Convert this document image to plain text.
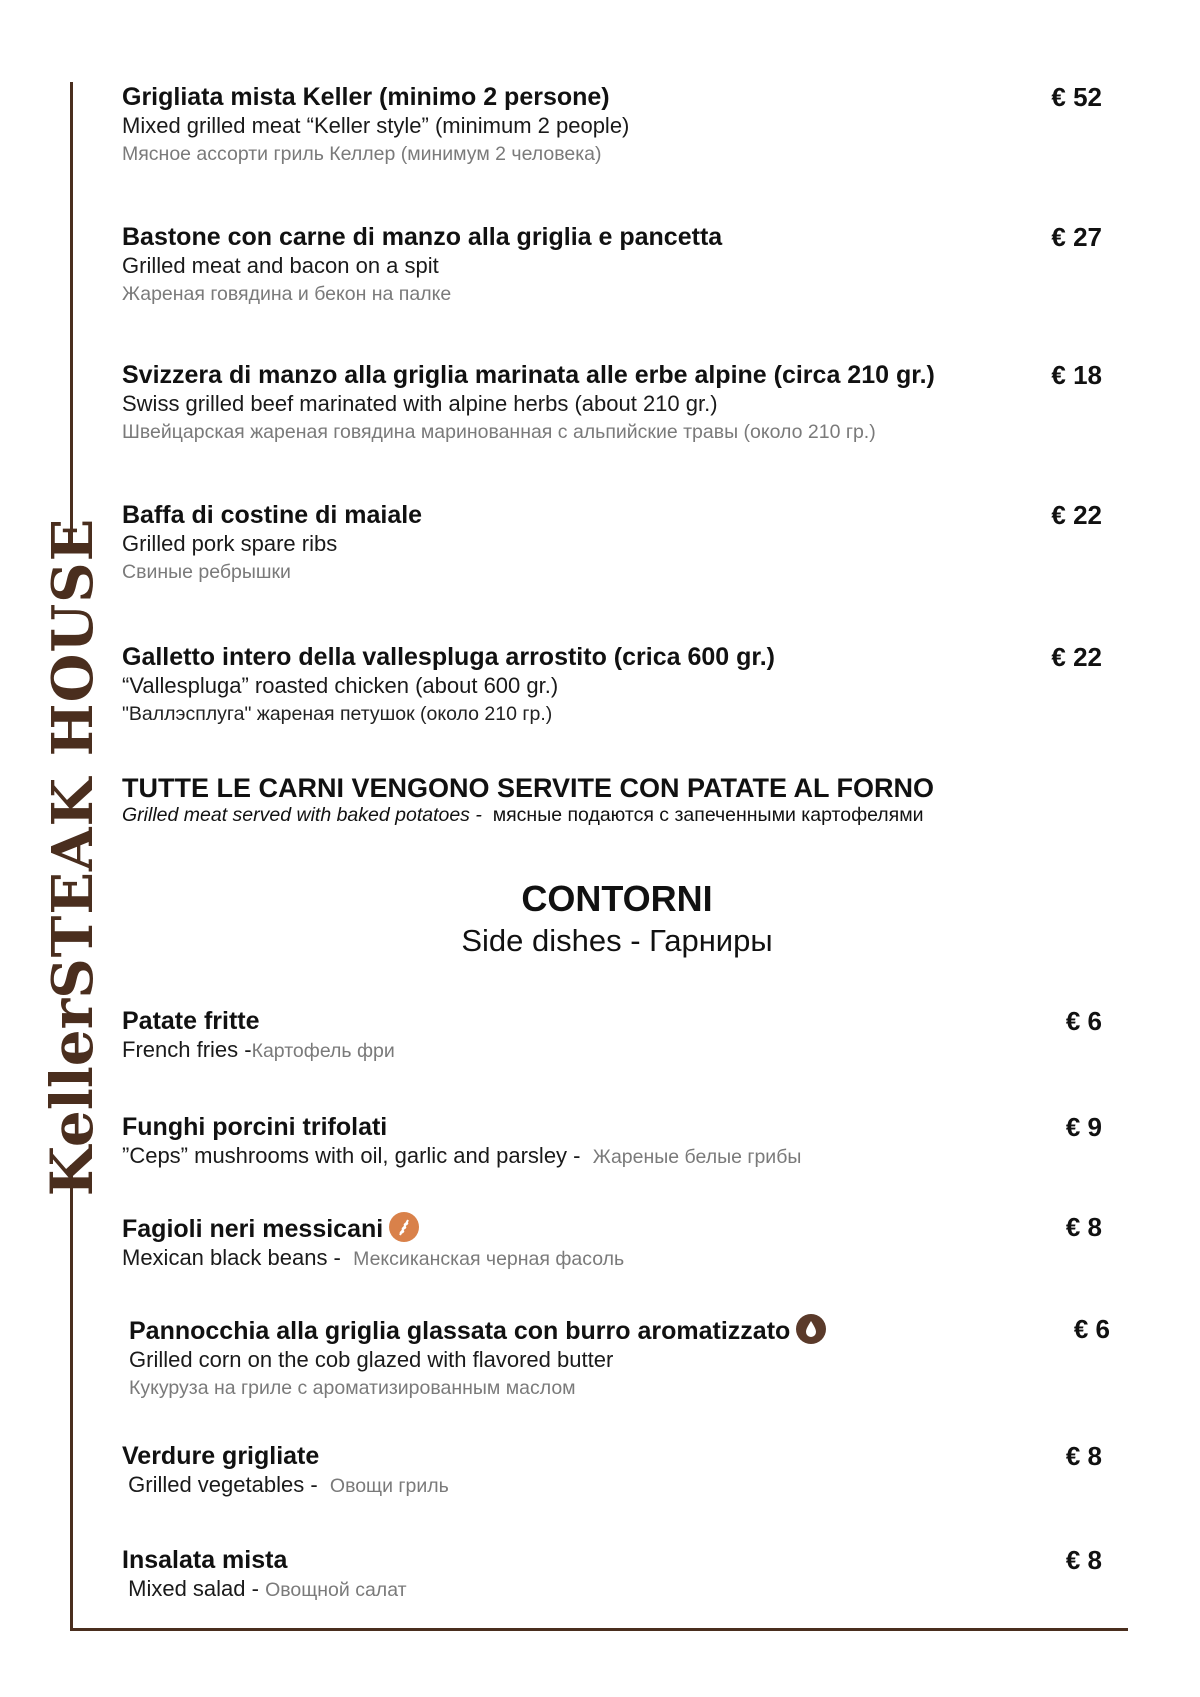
KellerSTEAK HOUSE
Grigliata mista Keller (minimo 2 persone)
Mixed grilled meat “Keller style” (minimum 2 people)
Мясное ассорти гриль Келлер (минимум 2 человека)
€ 52
Bastone con carne di manzo alla griglia e pancetta
Grilled meat and bacon on a spit
Жареная говядина и бекон на палке
€ 27
Svizzera di manzo alla griglia marinata alle erbe alpine (circa 210 gr.)
Swiss grilled beef marinated with alpine herbs (about 210 gr.)
Швейцарская жареная говядина маринованная с альпийские травы (около 210 гр.)
€ 18
Baffa di costine di maiale
Grilled pork spare ribs
Свиные ребрышки
€ 22
Galletto intero della vallespluga arrostito (crica 600 gr.)
“Vallespluga” roasted chicken (about 600 gr.)
"Валлэсплуга" жареная петушок (около 210 гр.)
€ 22
TUTTE LE CARNI VENGONO SERVITE CON PATATE AL FORNO
Grilled meat served with baked potatoes - мясные подаются с запеченными картофелями
CONTORNI
Side dishes - Гарниры
Patate fritte
French fries -Картофель фри
€ 6
Funghi porcini trifolati
”Ceps” mushrooms with oil, garlic and parsley - Жареные белые грибы
€ 9
Fagioli neri messicani
Mexican black beans - Мексиканская черная фасоль
€ 8
Pannocchia alla griglia glassata con burro aromatizzato
Grilled corn on the cob glazed with flavored butter
Кукуруза на гриле с ароматизированным маслом
€ 6
Verdure grigliate
Grilled vegetables - Овощи гриль
€ 8
Insalata mista
Mixed salad - Овощной салат
€ 8
